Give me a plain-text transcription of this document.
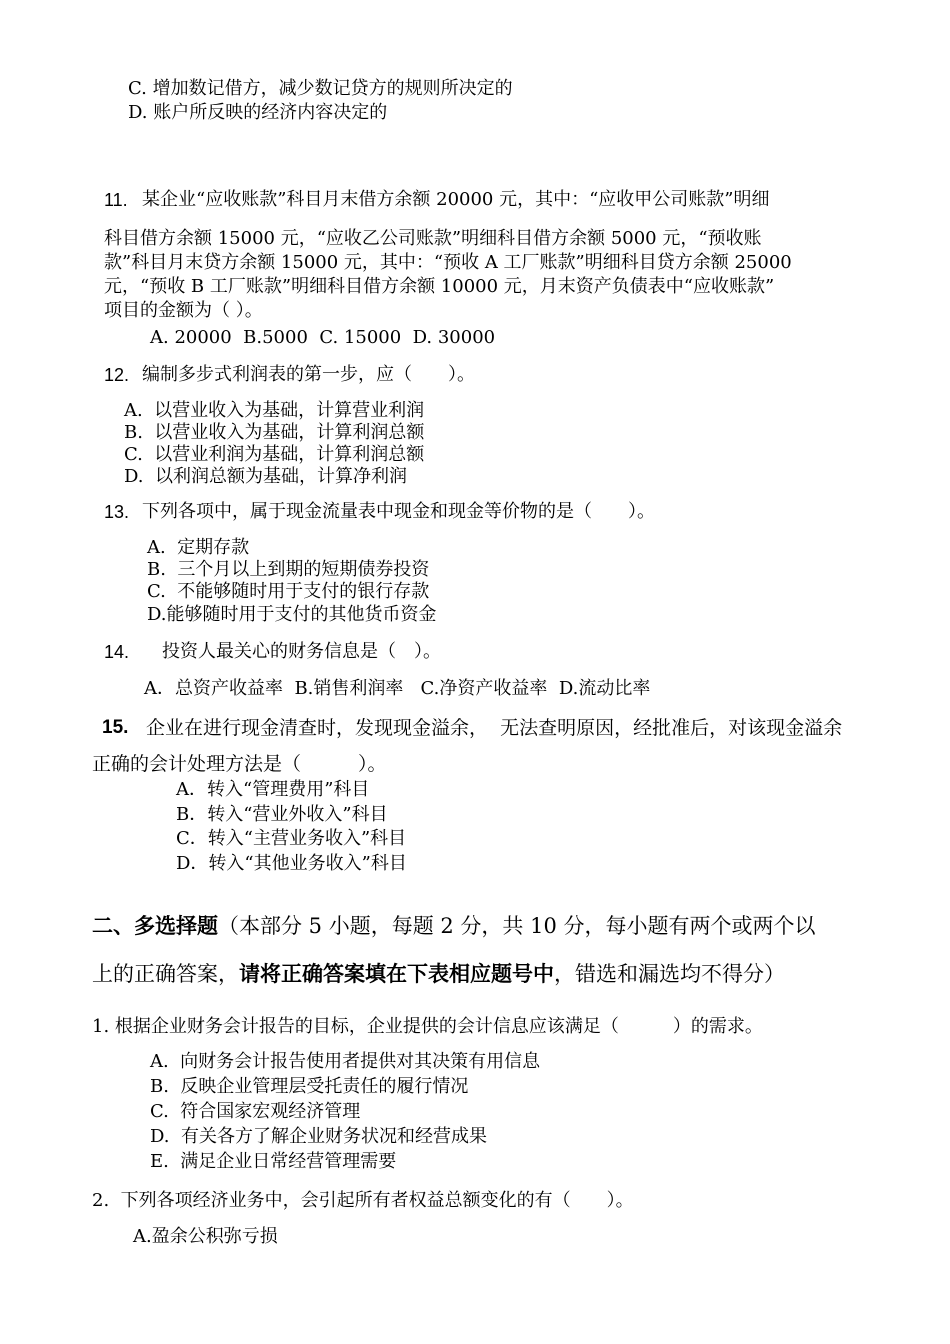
C. 增加数记借方，减少数记贷方的规则所决定的

D. 账户所反映的经济内容决定的

11. 某企业“应收账款”科目月末借方余额 20000 元，其中：“应收甲公司账款”明细

科目借方余额 15000 元，“应收乙公司账款”明细科目借方余额 5000 元，“预收账

款”科目月末贷方余额 15000 元，其中：“预收 A 工厂账款”明细科目贷方余额 25000

元，“预收 B 工厂账款”明细科目借方余额 10000 元，月末资产负债表中“应收账款”

项目的金额为（ ）。

A. 20000  B.5000  C. 15000  D. 30000

12. 编制多步式利润表的第一步，应（　　）。

A.  以营业收入为基础，计算营业利润

B.  以营业收入为基础，计算利润总额

C.  以营业利润为基础，计算利润总额

D.  以利润总额为基础，计算净利润

13. 下列各项中，属于现金流量表中现金和现金等价物的是（　　）。

A.  定期存款

B.  三个月以上到期的短期债券投资

C.  不能够随时用于支付的银行存款

D.能够随时用于支付的其他货币资金

14. 投资人最关心的财务信息是（　）。

A．总资产收益率  B.销售利润率   C.净资产收益率  D.流动比率

15. 企业在进行现金清查时，发现现金溢余，  无法查明原因，经批准后，对该现金溢余

正确的会计处理方法是（　　　）。

A．转入“管理费用”科目

B．转入“营业外收入”科目

C．转入“主营业务收入”科目

D．转入“其他业务收入”科目

二、多选择题（本部分 5 小题，每题 2 分，共 10 分，每小题有两个或两个以

上的正确答案，请将正确答案填在下表相应题号中，错选和漏选均不得分）

1. 根据企业财务会计报告的目标，企业提供的会计信息应该满足（　　　）的需求。

A.  向财务会计报告使用者提供对其决策有用信息

B.  反映企业管理层受托责任的履行情况

C.  符合国家宏观经济管理

D.  有关各方了解企业财务状况和经营成果

E.  满足企业日常经营管理需要

2.  下列各项经济业务中，会引起所有者权益总额变化的有（　　）。

A.盈余公积弥亏损
